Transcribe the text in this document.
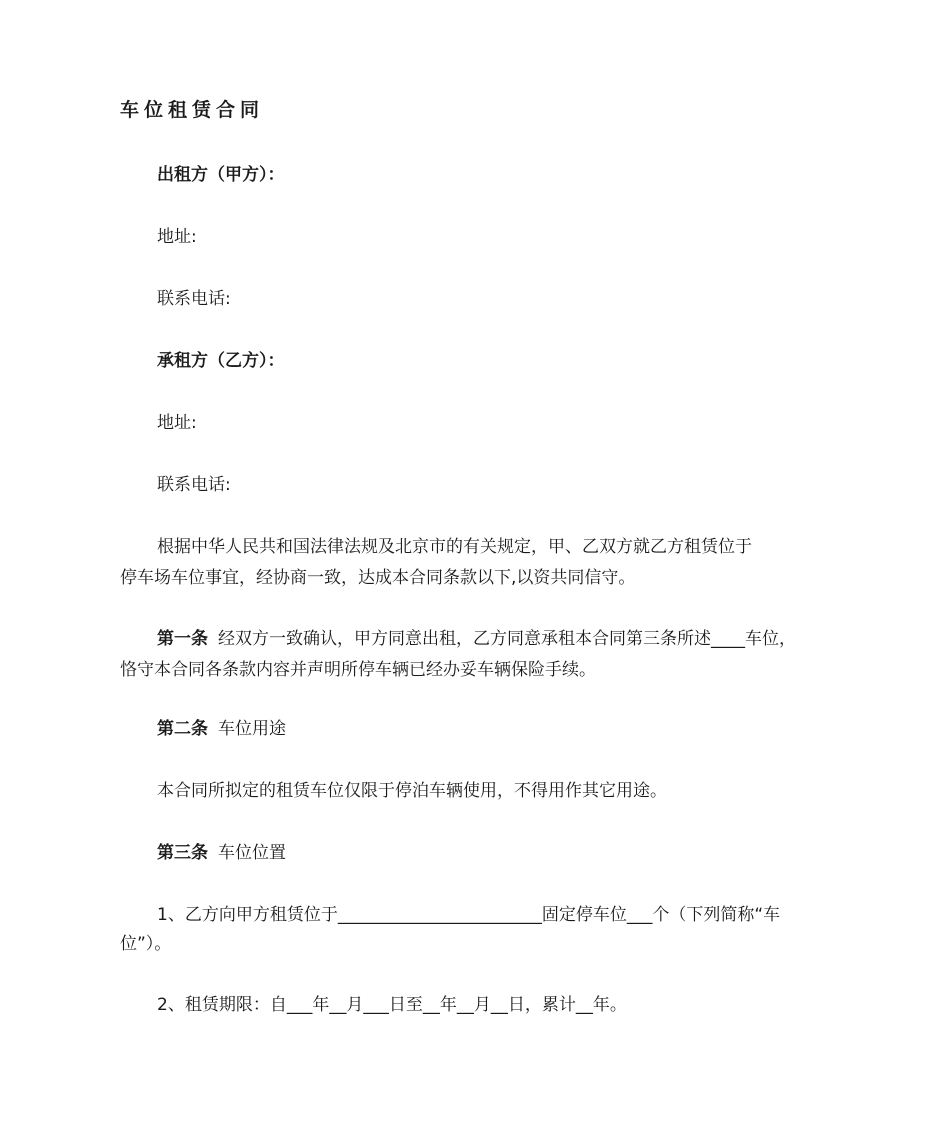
车位租赁合同
出租方（甲方）：
地址:
联系电话:
承租方（乙方）：
地址:
联系电话:
根据中华人民共和国法律法规及北京市的有关规定，甲、乙双方就乙方租赁位于
停车场车位事宜，经协商一致，达成本合同条款以下,以资共同信守。
第一条 经双方一致确认，甲方同意出租，乙方同意承租本合同第三条所述____车位，
恪守本合同各条款内容并声明所停车辆已经办妥车辆保险手续。
第二条 车位用途
本合同所拟定的租赁车位仅限于停泊车辆使用，不得用作其它用途。
第三条 车位位置
1、乙方向甲方租赁位于________________________固定停车位___个（下列简称“车
位”）。
2、租赁期限：自___年__月___日至__年__月__日，累计__年。
